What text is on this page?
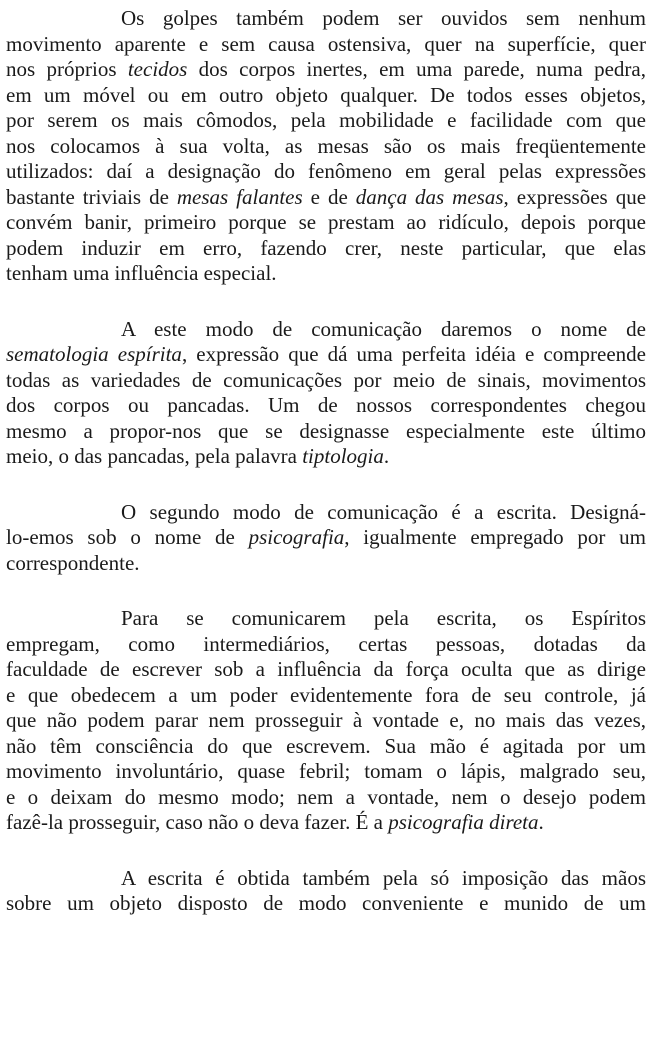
Os golpes também podem ser ouvidos sem nenhum
movimento aparente e sem causa ostensiva, quer na superfície, quer
nos próprios tecidos dos corpos inertes, em uma parede, numa pedra,
em um móvel ou em outro objeto qualquer. De todos esses objetos,
por serem os mais cômodos, pela mobilidade e facilidade com que
nos colocamos à sua volta, as mesas são os mais freqüentemente
utilizados: daí a designação do fenômeno em geral pelas expressões
bastante triviais de mesas falantes e de dança das mesas, expressões que
convém banir, primeiro porque se prestam ao ridículo, depois porque
podem induzir em erro, fazendo crer, neste particular, que elas
tenham uma influência especial.
A este modo de comunicação daremos o nome de
sematologia espírita, expressão que dá uma perfeita idéia e compreende
todas as variedades de comunicações por meio de sinais, movimentos
dos corpos ou pancadas. Um de nossos correspondentes chegou
mesmo a propor-nos que se designasse especialmente este último
meio, o das pancadas, pela palavra tiptologia.
O segundo modo de comunicação é a escrita. Designá-
lo-emos sob o nome de psicografia, igualmente empregado por um
correspondente.
Para se comunicarem pela escrita, os Espíritos
empregam, como intermediários, certas pessoas, dotadas da
faculdade de escrever sob a influência da força oculta que as dirige
e que obedecem a um poder evidentemente fora de seu controle, já
que não podem parar nem prosseguir à vontade e, no mais das vezes,
não têm consciência do que escrevem. Sua mão é agitada por um
movimento involuntário, quase febril; tomam o lápis, malgrado seu,
e o deixam do mesmo modo; nem a vontade, nem o desejo podem
fazê-la prosseguir, caso não o deva fazer. É a psicografia direta.
A escrita é obtida também pela só imposição das mãos
sobre um objeto disposto de modo conveniente e munido de um
